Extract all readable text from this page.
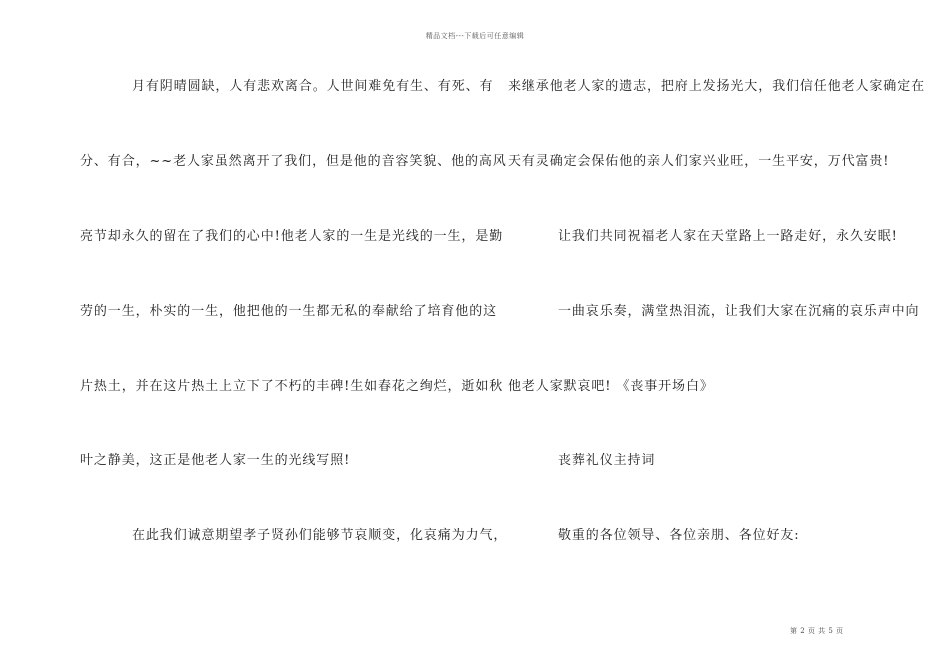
精品文档---下载后可任意编辑
月有阴晴圆缺，人有悲欢离合。人世间难免有生、有死、有
分、有合，~~老人家虽然离开了我们，但是他的音容笑貌、他的高风
亮节却永久的留在了我们的心中!他老人家的一生是光线的一生，是勤
劳的一生，朴实的一生，他把他的一生都无私的奉献给了培育他的这
片热土，并在这片热土上立下了不朽的丰碑!生如春花之绚烂，逝如秋
叶之静美，这正是他老人家一生的光线写照!
在此我们诚意期望孝子贤孙们能够节哀顺变，化哀痛为力气，
来继承他老人家的遗志，把府上发扬光大，我们信任他老人家确定在
天有灵确定会保佑他的亲人们家兴业旺，一生平安，万代富贵!
让我们共同祝福老人家在天堂路上一路走好，永久安眠!
一曲哀乐奏，满堂热泪流，让我们大家在沉痛的哀乐声中向
他老人家默哀吧! 《丧事开场白》
丧葬礼仪主持词
敬重的各位领导、各位亲朋、各位好友:
第 2 页 共 5 页
